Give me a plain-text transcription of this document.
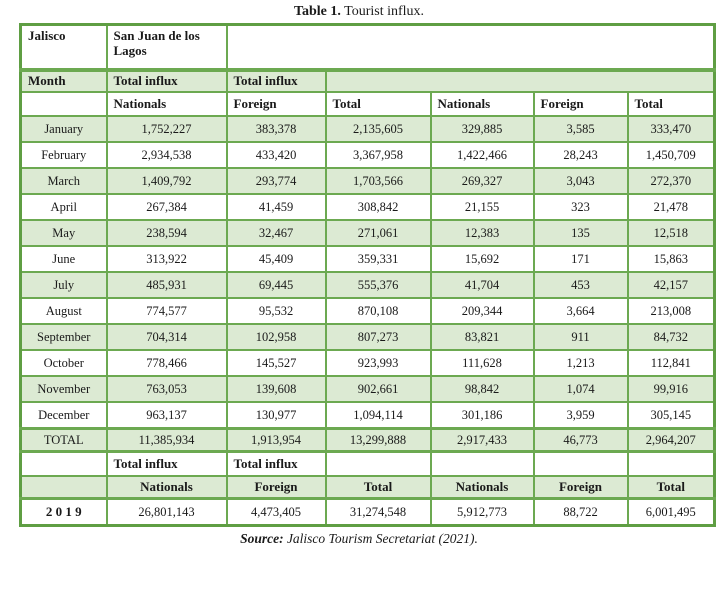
Table 1. Tourist influx.
Jalisco	San Juan de los Lagos					
Month	Total influx	Total influx				
	Nationals	Foreign	Total	Nationals	Foreign	Total
January	1,752,227	383,378	2,135,605	329,885	3,585	333,470
February	2,934,538	433,420	3,367,958	1,422,466	28,243	1,450,709
March	1,409,792	293,774	1,703,566	269,327	3,043	272,370
April	267,384	41,459	308,842	21,155	323	21,478
May	238,594	32,467	271,061	12,383	135	12,518
June	313,922	45,409	359,331	15,692	171	15,863
July	485,931	69,445	555,376	41,704	453	42,157
August	774,577	95,532	870,108	209,344	3,664	213,008
September	704,314	102,958	807,273	83,821	911	84,732
October	778,466	145,527	923,993	111,628	1,213	112,841
November	763,053	139,608	902,661	98,842	1,074	99,916
December	963,137	130,977	1,094,114	301,186	3,959	305,145
TOTAL	11,385,934	1,913,954	13,299,888	2,917,433	46,773	2,964,207
	Total influx	Total influx				
	Nationals	Foreign	Total	Nationals	Foreign	Total
2 0 1 9	26,801,143	4,473,405	31,274,548	5,912,773	88,722	6,001,495
Source: Jalisco Tourism Secretariat (2021).
